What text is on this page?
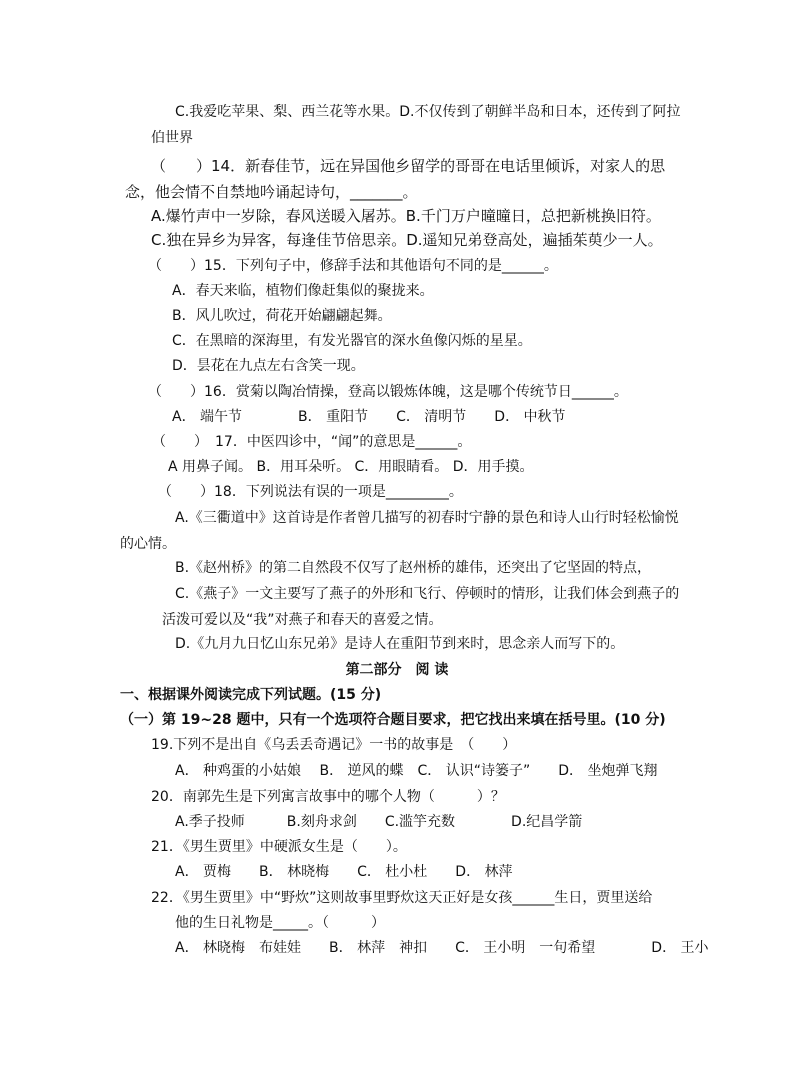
C.我爱吃苹果、梨、西兰花等水果。D.不仅传到了朝鲜半岛和日本，还传到了阿拉
伯世界
（　　）14．新春佳节，远在异国他乡留学的哥哥在电话里倾诉，对家人的思
念，他会情不自禁地吟诵起诗句，_______。
A.爆竹声中一岁除，春风送暖入屠苏。B.千门万户曈曈日，总把新桃换旧符。
C.独在异乡为异客，每逢佳节倍思亲。D.遥知兄弟登高处，遍插茱萸少一人。
（　　）15．下列句子中，修辞手法和其他语句不同的是______。
A．春天来临，植物们像赶集似的聚拢来。
B．风儿吹过，荷花开始翩翩起舞。
C．在黑暗的深海里，有发光器官的深水鱼像闪烁的星星。
D．昙花在九点左右含笑一现。
（　　）16．赏菊以陶冶情操，登高以锻炼体魄，这是哪个传统节日______。
A． 端午节　　　　B． 重阳节　　C． 清明节　　D． 中秋节
（　　）　17．中医四诊中，“闻”的意思是______。
A 用鼻子闻。 B．用耳朵听。 C．用眼睛看。 D．用手摸。
（　　）18．下列说法有误的一项是_________。
A.《三衢道中》这首诗是作者曾几描写的初春时宁静的景色和诗人山行时轻松愉悦
的心情。
B.《赵州桥》的第二自然段不仅写了赵州桥的雄伟，还突出了它坚固的特点，
C.《燕子》一文主要写了燕子的外形和飞行、停顿时的情形，让我们体会到燕子的
活泼可爱以及“我”对燕子和春天的喜爱之情。
D.《九月九日忆山东兄弟》是诗人在重阳节到来时，思念亲人而写下的。
第二部分　阅 读
一、根据课外阅读完成下列试题。(15 分)
（一）第 19~28 题中，只有一个选项符合题目要求，把它找出来填在括号里。(10 分)
19.下列不是出自《乌丢丢奇遇记》一书的故事是　（　　）
A． 种鸡蛋的小姑娘　 B． 逆风的蝶　C． 认识“诗篓子”　　D． 坐炮弹飞翔
20．南郭先生是下列寓言故事中的哪个人物（　　　）？
A.季子投师　　　B.刻舟求剑　　C.滥竽充数　　　　D.纪昌学箭
21．《男生贾里》中硬派女生是（　　）。
A． 贾梅　　B． 林晓梅　　C． 杜小杜　　D． 林萍
22．《男生贾里》中“野炊”这则故事里野炊这天正好是女孩______生日，贾里送给
他的生日礼物是_____。（　　　）
A． 林晓梅　布娃娃　　B． 林萍　神扣　　C． 王小明　一句希望　　　　D． 王小
